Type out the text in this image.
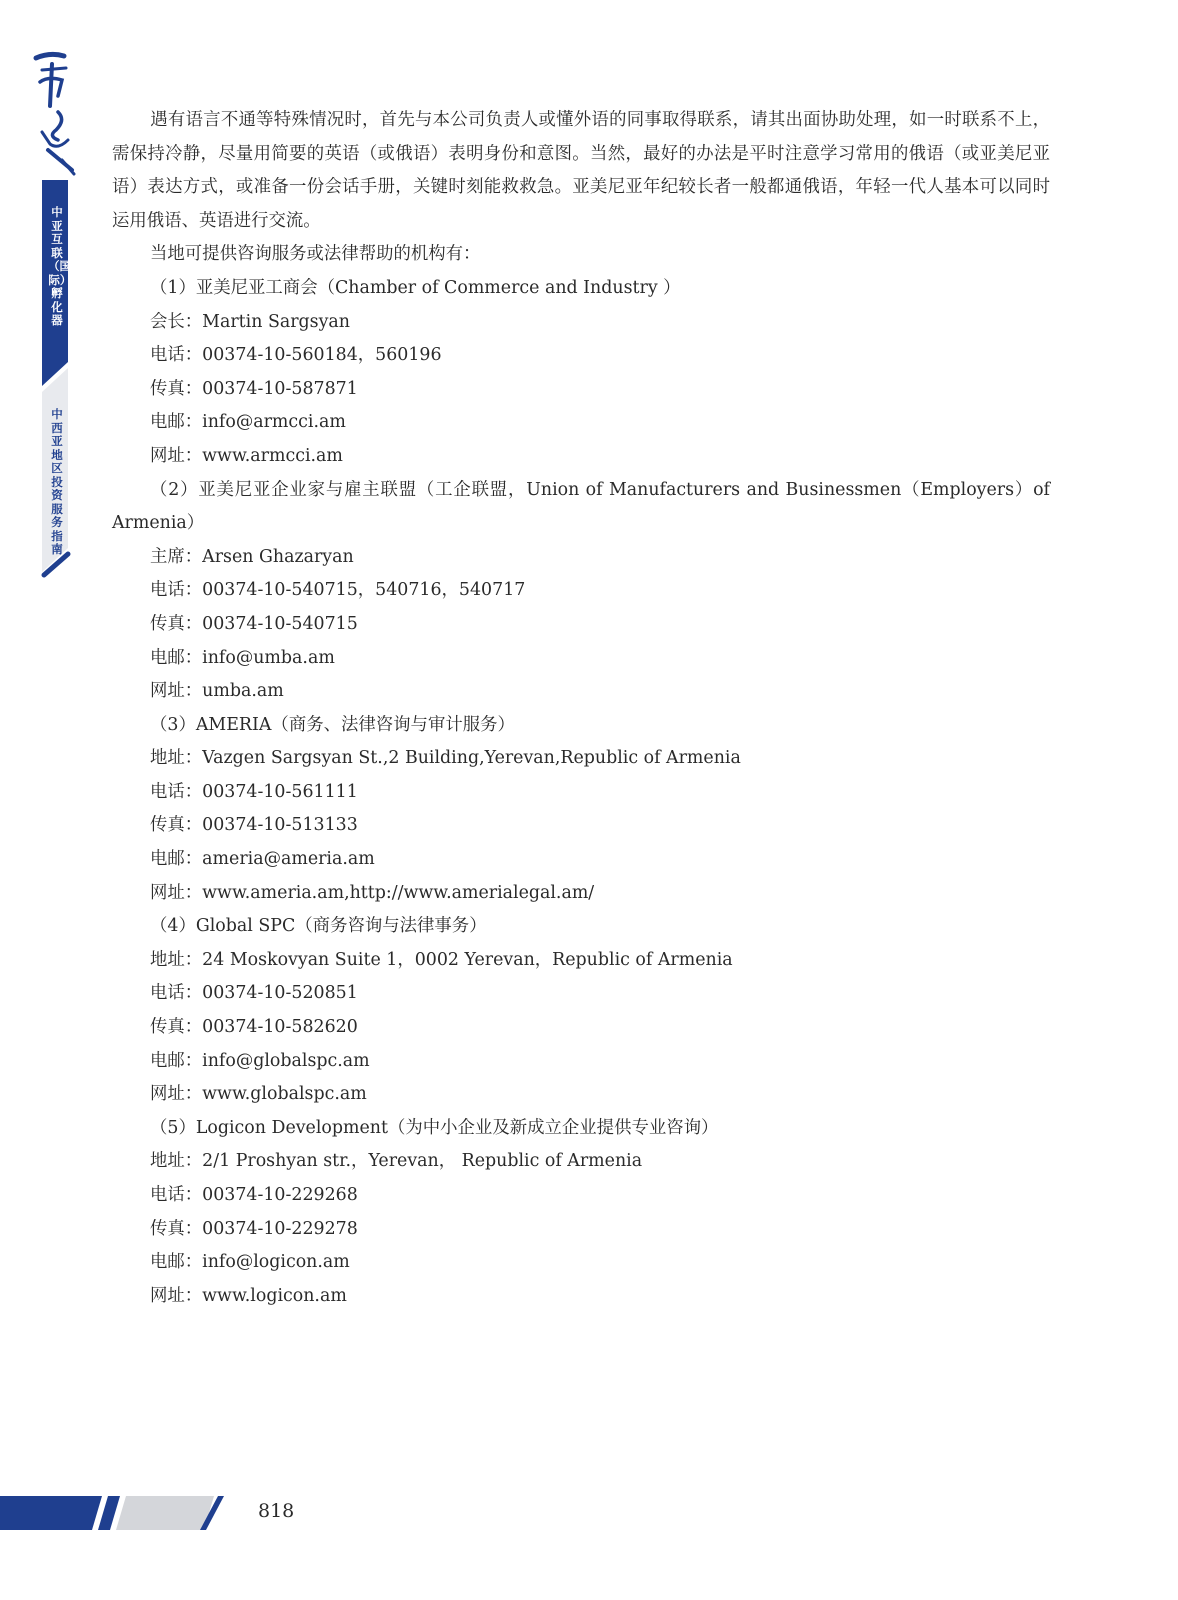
中亚互联（国际）孵化器
中西亚地区投资服务指南

遇有语言不通等特殊情况时，首先与本公司负责人或懂外语的同事取得联系，请其出面协助处理，如一时联系不上，需保持冷静，尽量用简要的英语（或俄语）表明身份和意图。当然，最好的办法是平时注意学习常用的俄语（或亚美尼亚语）表达方式，或准备一份会话手册，关键时刻能救救急。亚美尼亚年纪较长者一般都通俄语，年轻一代人基本可以同时运用俄语、英语进行交流。

当地可提供咨询服务或法律帮助的机构有：

（1）亚美尼亚工商会（Chamber of Commerce and Industry ）

会长：Martin Sargsyan

电话：00374-10-560184，560196

传真：00374-10-587871

电邮：info@armcci.am

网址：www.armcci.am

（2）亚美尼亚企业家与雇主联盟（工企联盟，Union of Manufacturers and Businessmen（Employers）of

Armenia）

主席：Arsen Ghazaryan

电话：00374-10-540715，540716，540717

传真：00374-10-540715

电邮：info@umba.am

网址：umba.am

（3）AMERIA（商务、法律咨询与审计服务）

地址：Vazgen Sargsyan St.,2 Building,Yerevan,Republic of Armenia

电话：00374-10-561111

传真：00374-10-513133

电邮：ameria@ameria.am

网址：www.ameria.am,http://www.amerialegal.am/

（4）Global SPC（商务咨询与法律事务）

地址：24 Moskovyan Suite 1，0002 Yerevan，Republic of Armenia

电话：00374-10-520851

传真：00374-10-582620

电邮：info@globalspc.am

网址：www.globalspc.am

（5）Logicon Development（为中小企业及新成立企业提供专业咨询）

地址：2/1 Proshyan str.，Yerevan， Republic of Armenia

电话：00374-10-229268

传真：00374-10-229278

电邮：info@logicon.am

网址：www.logicon.am

818
